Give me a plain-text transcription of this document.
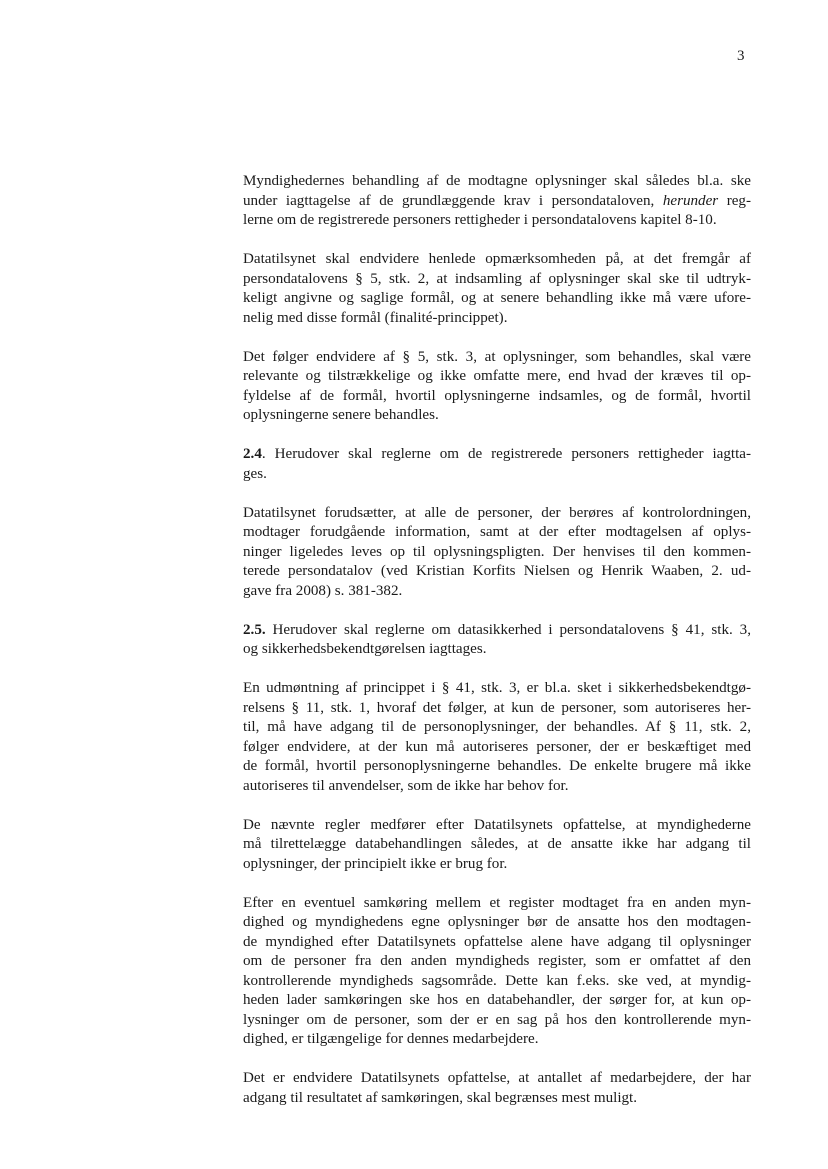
3
Myndighedernes behandling af de modtagne oplysninger skal således bl.a. ske
under iagttagelse af de grundlæggende krav i persondataloven, herunder reg-
lerne om de registrerede personers rettigheder i persondatalovens kapitel 8-10.
Datatilsynet skal endvidere henlede opmærksomheden på, at det fremgår af
persondatalovens § 5, stk. 2, at indsamling af oplysninger skal ske til udtryk-
keligt angivne og saglige formål, og at senere behandling ikke må være ufore-
nelig med disse formål (finalité-princippet).
Det følger endvidere af § 5, stk. 3, at oplysninger, som behandles, skal være
relevante og tilstrækkelige og ikke omfatte mere, end hvad der kræves til op-
fyldelse af de formål, hvortil oplysningerne indsamles, og de formål, hvortil
oplysningerne senere behandles.
2.4. Herudover skal reglerne om de registrerede personers rettigheder iagtta-
ges.
Datatilsynet forudsætter, at alle de personer, der berøres af kontrolordningen,
modtager forudgående information, samt at der efter modtagelsen af oplys-
ninger ligeledes leves op til oplysningspligten. Der henvises til den kommen-
terede persondatalov (ved Kristian Korfits Nielsen og Henrik Waaben, 2. ud-
gave fra 2008) s. 381-382.
2.5. Herudover skal reglerne om datasikkerhed i persondatalovens § 41, stk. 3,
og sikkerhedsbekendtgørelsen iagttages.
En udmøntning af princippet i § 41, stk. 3, er bl.a. sket i sikkerhedsbekendtgø-
relsens § 11, stk. 1, hvoraf det følger, at kun de personer, som autoriseres her-
til, må have adgang til de personoplysninger, der behandles. Af § 11, stk. 2,
følger endvidere, at der kun må autoriseres personer, der er beskæftiget med
de formål, hvortil personoplysningerne behandles. De enkelte brugere må ikke
autoriseres til anvendelser, som de ikke har behov for.
De nævnte regler medfører efter Datatilsynets opfattelse, at myndighederne
må tilrettelægge databehandlingen således, at de ansatte ikke har adgang til
oplysninger, der principielt ikke er brug for.
Efter en eventuel samkøring mellem et register modtaget fra en anden myn-
dighed og myndighedens egne oplysninger bør de ansatte hos den modtagen-
de myndighed efter Datatilsynets opfattelse alene have adgang til oplysninger
om de personer fra den anden myndigheds register, som er omfattet af den
kontrollerende myndigheds sagsområde. Dette kan f.eks. ske ved, at myndig-
heden lader samkøringen ske hos en databehandler, der sørger for, at kun op-
lysninger om de personer, som der er en sag på hos den kontrollerende myn-
dighed, er tilgængelige for dennes medarbejdere.
Det er endvidere Datatilsynets opfattelse, at antallet af medarbejdere, der har
adgang til resultatet af samkøringen, skal begrænses mest muligt.
